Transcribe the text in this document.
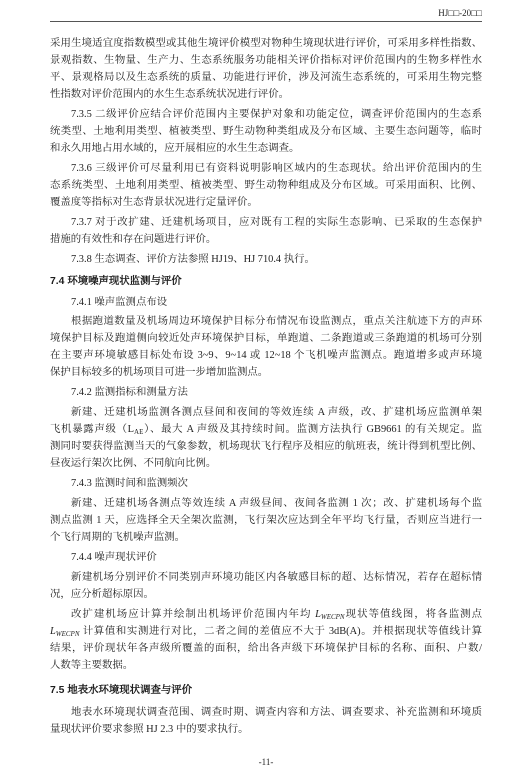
HJ□□-20□□
采用生境适宜度指数模型或其他生境评价模型对物种生境现状进行评价，可采用多样性指数、
景观指数、生物量、生产力、生态系统服务功能相关评价指标对评价范围内的生物多样性水
平、景观格局以及生态系统的质量、功能进行评价，涉及河流生态系统的，可采用生物完整
性指数对评价范围内的水生生态系统状况进行评价。
7.3.5 二级评价应结合评价范围内主要保护对象和功能定位，调查评价范围内的生态系
统类型、土地利用类型、植被类型、野生动物种类组成及分布区域、主要生态问题等，临时
和永久用地占用水域的，应开展相应的水生生态调查。
7.3.6 三级评价可尽量利用已有资料说明影响区域内的生态现状。给出评价范围内的生
态系统类型、土地利用类型、植被类型、野生动物种组成及分布区域。可采用面积、比例、
覆盖度等指标对生态背景状况进行定量评价。
7.3.7 对于改扩建、迁建机场项目，应对既有工程的实际生态影响、已采取的生态保护
措施的有效性和存在问题进行评价。
7.3.8 生态调查、评价方法参照 HJ19、HJ 710.4 执行。
7.4 环境噪声现状监测与评价
7.4.1 噪声监测点布设
根据跑道数量及机场周边环境保护目标分布情况布设监测点，重点关注航迹下方的声环
境保护目标及跑道侧向较近处声环境保护目标，单跑道、二条跑道或三条跑道的机场可分别
在主要声环境敏感目标处布设 3~9、9~14 或 12~18 个飞机噪声监测点。跑道增多或声环境
保护目标较多的机场项目可进一步增加监测点。
7.4.2 监测指标和测量方法
新建、迁建机场监测各测点昼间和夜间的等效连续 A 声级，改、扩建机场应监测单架
飞机暴露声级$(L_{AE})$、最大 A 声级及其持续时间。监测方法执行 GB9661 的有关规定。监
测同时要获得监测当天的气象参数，机场现状飞行程序及相应的航班表，统计得到机型比例、
昼夜运行架次比例、不同航向比例。
7.4.3 监测时间和监测频次
新建、迁建机场各测点等效连续 A 声级昼间、夜间各监测 1 次；改、扩建机场每个监
测点监测 1 天，应选择全天全架次监测，飞行架次应达到全年平均飞行量，否则应当进行一
个飞行周期的飞机噪声监测。
7.4.4 噪声现状评价
新建机场分别评价不同类别声环境功能区内各敏感目标的超、达标情况，若存在超标情
况，应分析超标原因。
改扩建机场应计算并绘制出机场评价范围内年均 $L_{WECPN}$现状等值线图，将各监测点
$L_{WECPN}$ 计算值和实测进行对比，二者之间的差值应不大于 3dB(A)。并根据现状等值线计算
结果，评价现状年各声级所覆盖的面积，给出各声级下环境保护目标的名称、面积、户数/
人数等主要数据。
7.5 地表水环境现状调查与评价
地表水环境现状调查范围、调查时期、调查内容和方法、调查要求、补充监测和环境质
量现状评价要求参照 HJ 2.3 中的要求执行。
-11-
